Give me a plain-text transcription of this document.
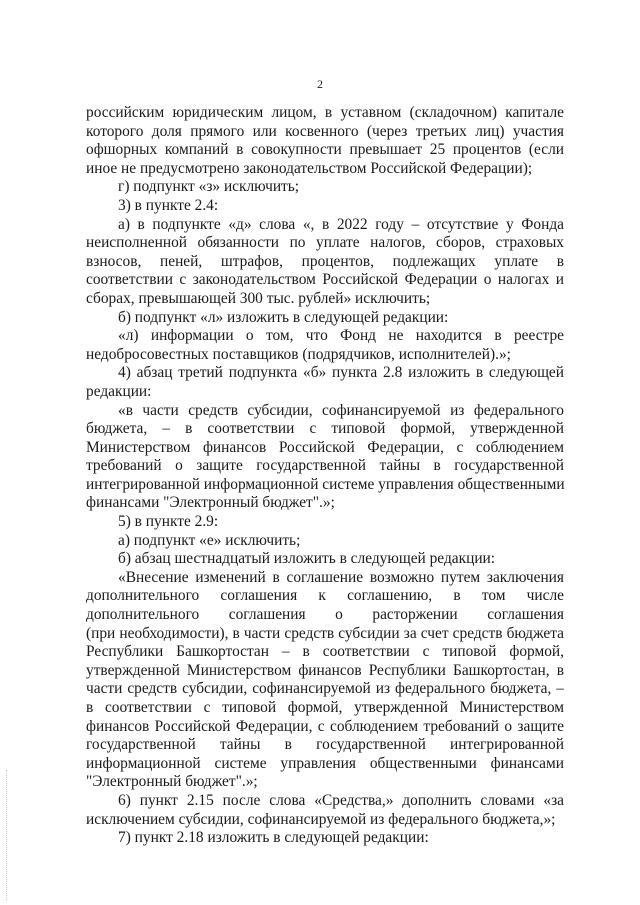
2
российским юридическим лицом, в уставном (складочном) капитале
которого доля прямого или косвенного (через третьих лиц) участия
офшорных компаний в совокупности превышает 25 процентов (если
иное не предусмотрено законодательством Российской Федерации);
г) подпункт «з» исключить;
3) в пункте 2.4:
а) в подпункте «д» слова «, в 2022 году – отсутствие у Фонда
неисполненной обязанности по уплате налогов, сборов, страховых
взносов, пеней, штрафов, процентов, подлежащих уплате в
соответствии с законодательством Российской Федерации о налогах и
сборах, превышающей 300 тыс. рублей» исключить;
б) подпункт «л» изложить в следующей редакции:
«л) информации о том, что Фонд не находится в реестре
недобросовестных поставщиков (подрядчиков, исполнителей).»;
4) абзац третий подпункта «б» пункта 2.8 изложить в следующей
редакции:
«в части средств субсидии, софинансируемой из федерального
бюджета, – в соответствии с типовой формой, утвержденной
Министерством финансов Российской Федерации, с соблюдением
требований о защите государственной тайны в государственной
интегрированной информационной системе управления общественными
финансами "Электронный бюджет".»;
5) в пункте 2.9:
а) подпункт «е» исключить;
б) абзац шестнадцатый изложить в следующей редакции:
«Внесение изменений в соглашение возможно путем заключения
дополнительного соглашения к соглашению, в том числе
дополнительного соглашения о расторжении соглашения
(при необходимости), в части средств субсидии за счет средств бюджета
Республики Башкортостан – в соответствии с типовой формой,
утвержденной Министерством финансов Республики Башкортостан, в
части средств субсидии, софинансируемой из федерального бюджета, –
в соответствии с типовой формой, утвержденной Министерством
финансов Российской Федерации, с соблюдением требований о защите
государственной тайны в государственной интегрированной
информационной системе управления общественными финансами
"Электронный бюджет".»;
6) пункт 2.15 после слова «Средства,» дополнить словами «за
исключением субсидии, софинансируемой из федерального бюджета,»;
7) пункт 2.18 изложить в следующей редакции:
